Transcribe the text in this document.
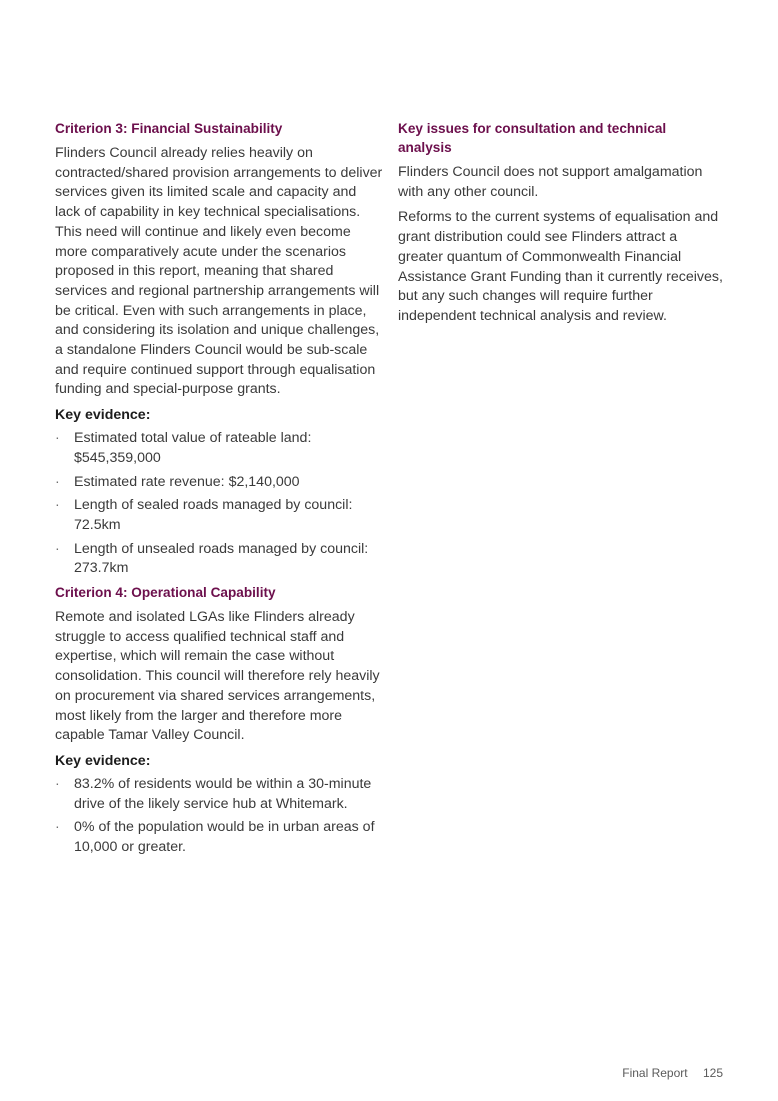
Criterion 3: Financial Sustainability

Flinders Council already relies heavily on contracted/shared provision arrangements to deliver services given its limited scale and capacity and lack of capability in key technical specialisations. This need will continue and likely even become more comparatively acute under the scenarios proposed in this report, meaning that shared services and regional partnership arrangements will be critical. Even with such arrangements in place, and considering its isolation and unique challenges, a standalone Flinders Council would be sub-scale and require continued support through equalisation funding and special-purpose grants.

Key evidence:
·	Estimated total value of rateable land: $545,359,000
·	Estimated rate revenue: $2,140,000
·	Length of sealed roads managed by council: 72.5km
·	Length of unsealed roads managed by council: 273.7km
Criterion 4: Operational Capability

Remote and isolated LGAs like Flinders already struggle to access qualified technical staff and expertise, which will remain the case without consolidation. This council will therefore rely heavily on procurement via shared services arrangements, most likely from the larger and therefore more capable Tamar Valley Council.

Key evidence:
·	83.2% of residents would be within a 30-minute drive of the likely service hub at Whitemark.
·	0% of the population would be in urban areas of 10,000 or greater.
Key issues for consultation and technical analysis

Flinders Council does not support amalgamation with any other council.

Reforms to the current systems of equalisation and grant distribution could see Flinders attract a greater quantum of Commonwealth Financial Assistance Grant Funding than it currently receives, but any such changes will require further independent technical analysis and review.

Final Report 125
